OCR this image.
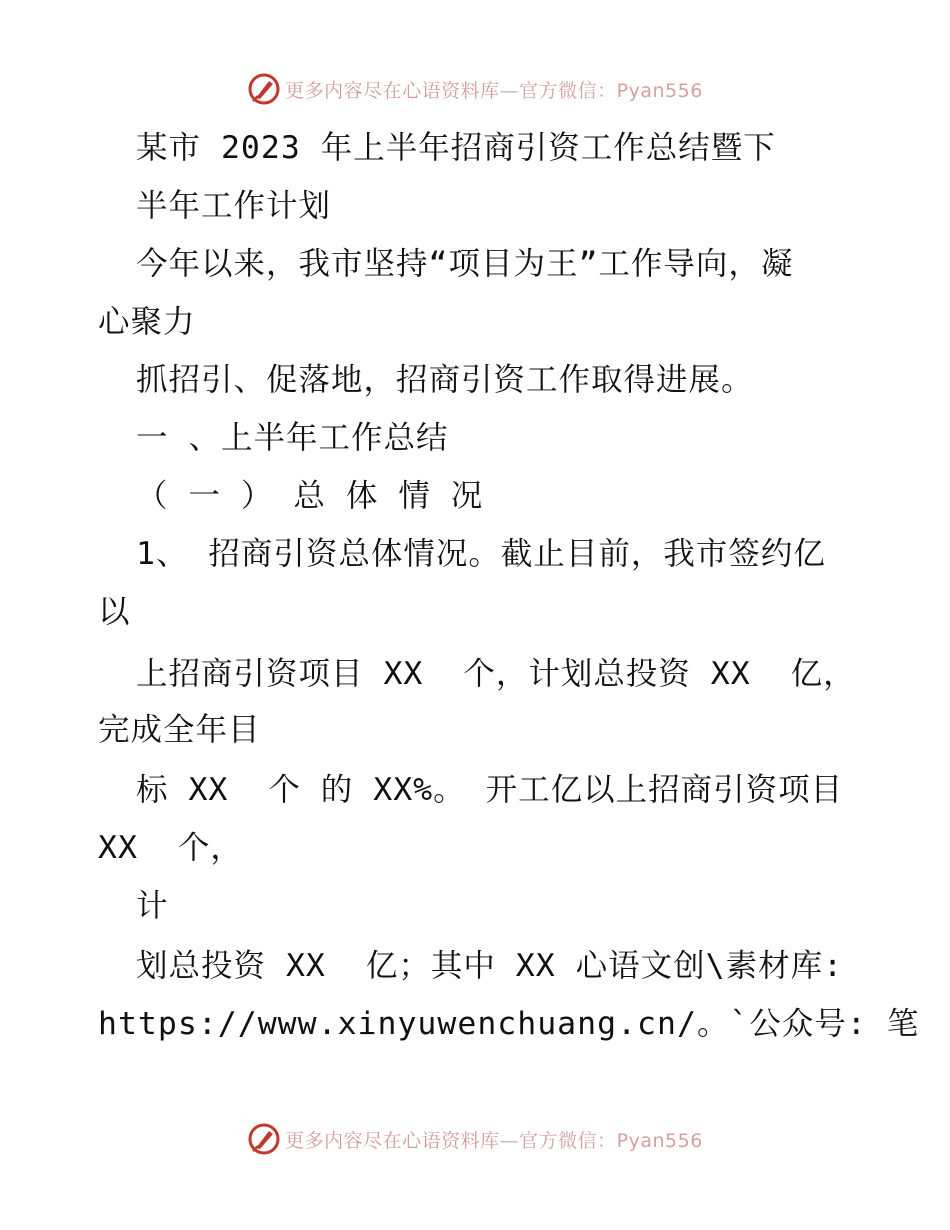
更多内容尽在心语资料库—官方微信：Pyan556
某市 2023 年上半年招商引资工作总结暨下
半年工作计划
今年以来，我市坚持“项目为王”工作导向，凝
心聚力
抓招引、促落地，招商引资工作取得进展。
一 、上半年工作总结
（ 一 ） 总 体 情 况
1、 招商引资总体情况。截止目前，我市签约亿
以
上招商引资项目 XX  个，计划总投资 XX  亿，
完成全年目
标 XX  个 的 XX%。 开工亿以上招商引资项目
XX  个，
计
划总投资 XX  亿；其中 XX 心语文创\素材库:
https://www.xinyuwenchuang.cn/。`公众号: 笔
更多内容尽在心语资料库—官方微信：Pyan556
